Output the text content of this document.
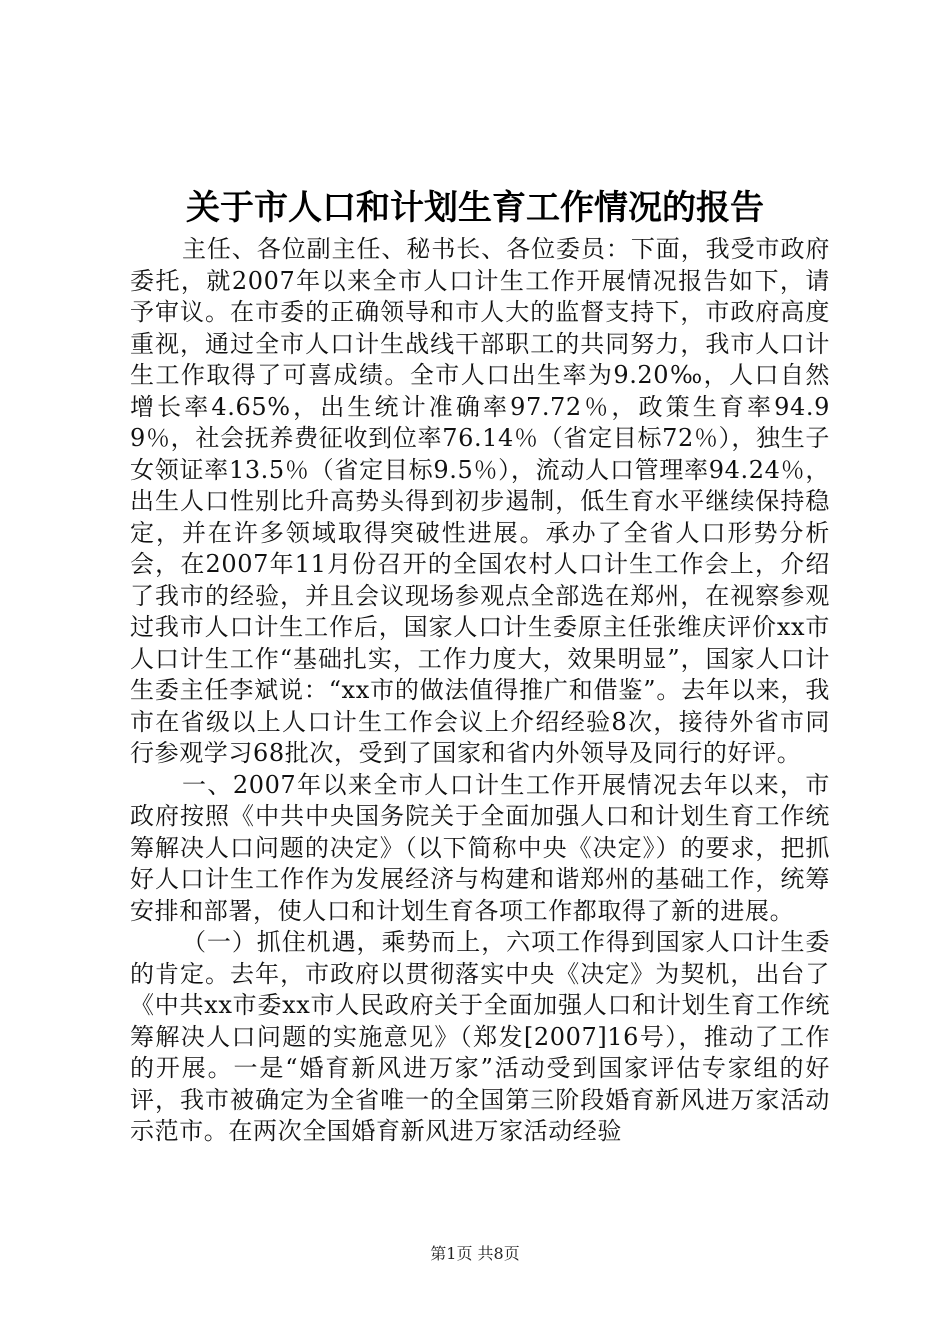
关于市人口和计划生育工作情况的报告

主任、各位副主任、秘书长、各位委员：下面，我受市政府委托，就2007年以来全市人口计生工作开展情况报告如下，请予审议。在市委的正确领导和市人大的监督支持下，市政府高度重视，通过全市人口计生战线干部职工的共同努力，我市人口计生工作取得了可喜成绩。全市人口出生率为9.20‰，人口自然增长率4.65%，出生统计准确率97.72％，政策生育率94.99％，社会抚养费征收到位率76.14％（省定目标72％），独生子女领证率13.5％（省定目标9.5％），流动人口管理率94.24％，出生人口性别比升高势头得到初步遏制，低生育水平继续保持稳定，并在许多领域取得突破性进展。承办了全省人口形势分析会，在2007年11月份召开的全国农村人口计生工作会上，介绍了我市的经验，并且会议现场参观点全部选在郑州，在视察参观过我市人口计生工作后，国家人口计生委原主任张维庆评价xx市人口计生工作“基础扎实，工作力度大，效果明显”，国家人口计生委主任李斌说：“xx市的做法值得推广和借鉴”。去年以来，我市在省级以上人口计生工作会议上介绍经验8次，接待外省市同行参观学习68批次，受到了国家和省内外领导及同行的好评。

一、2007年以来全市人口计生工作开展情况去年以来，市政府按照《中共中央国务院关于全面加强人口和计划生育工作统筹解决人口问题的决定》（以下简称中央《决定》）的要求，把抓好人口计生工作作为发展经济与构建和谐郑州的基础工作，统筹安排和部署，使人口和计划生育各项工作都取得了新的进展。

（一）抓住机遇，乘势而上，六项工作得到国家人口计生委的肯定。去年，市政府以贯彻落实中央《决定》为契机，出台了《中共xx市委xx市人民政府关于全面加强人口和计划生育工作统筹解决人口问题的实施意见》（郑发[2007]16号），推动了工作的开展。一是“婚育新风进万家”活动受到国家评估专家组的好评，我市被确定为全省唯一的全国第三阶段婚育新风进万家活动示范市。在两次全国婚育新风进万家活动经验

第1页 共8页
